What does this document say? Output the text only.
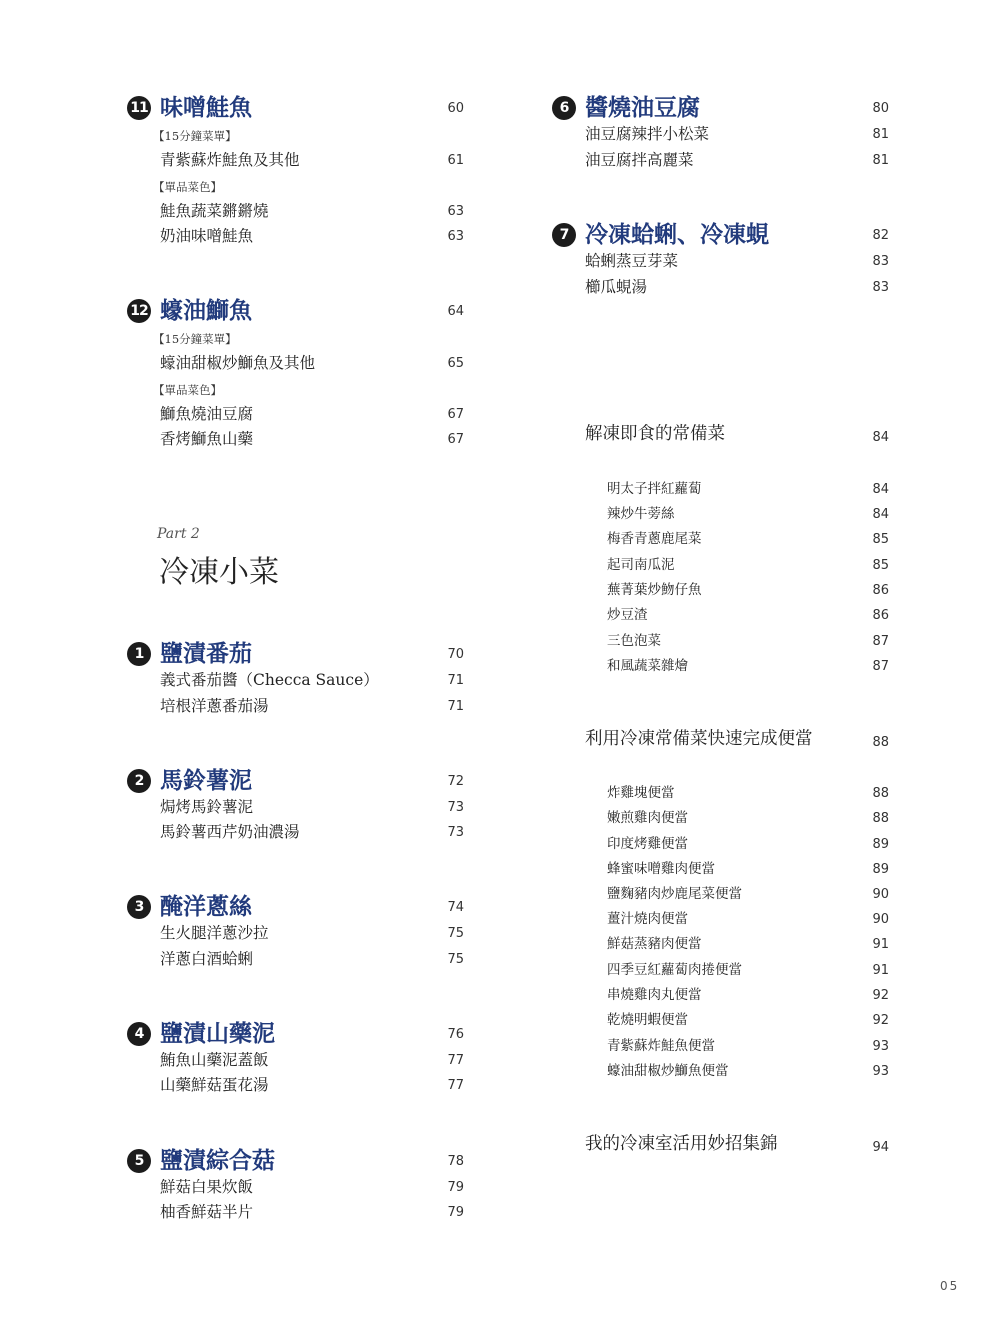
11 味噌鮭魚	60
【15分鐘菜單】
青紫蘇炸鮭魚及其他	61
【單品菜色】
鮭魚蔬菜鏘鏘燒	63
奶油味噌鮭魚	63
12 蠔油鰤魚	64
【15分鐘菜單】
蠔油甜椒炒鰤魚及其他	65
【單品菜色】
鰤魚燒油豆腐	67
香烤鰤魚山藥	67
Part 2
冷凍小菜
1 鹽漬番茄	70
義式番茄醬（Checca Sauce）	71
培根洋蔥番茄湯	71
2 馬鈴薯泥	72
焗烤馬鈴薯泥	73
馬鈴薯西芹奶油濃湯	73
3 醃洋蔥絲	74
生火腿洋蔥沙拉	75
洋蔥白酒蛤蜊	75
4 鹽漬山藥泥	76
鮪魚山藥泥蓋飯	77
山藥鮮菇蛋花湯	77
5 鹽漬綜合菇	78
鮮菇白果炊飯	79
柚香鮮菇半片	79
6 醬燒油豆腐	80
油豆腐辣拌小松菜	81
油豆腐拌高麗菜	81
7 冷凍蛤蜊、冷凍蜆	82
蛤蜊蒸豆芽菜	83
櫛瓜蜆湯	83
解凍即食的常備菜	84
明太子拌紅蘿蔔	84
辣炒牛蒡絲	84
梅香青蔥鹿尾菜	85
起司南瓜泥	85
蕪菁葉炒魩仔魚	86
炒豆渣	86
三色泡菜	87
和風蔬菜雜燴	87
利用冷凍常備菜快速完成便當	88
炸雞塊便當	88
嫩煎雞肉便當	88
印度烤雞便當	89
蜂蜜味噌雞肉便當	89
鹽麴豬肉炒鹿尾菜便當	90
薑汁燒肉便當	90
鮮菇蒸豬肉便當	91
四季豆紅蘿蔔肉捲便當	91
串燒雞肉丸便當	92
乾燒明蝦便當	92
青紫蘇炸鮭魚便當	93
蠔油甜椒炒鰤魚便當	93
我的冷凍室活用妙招集錦	94
05
